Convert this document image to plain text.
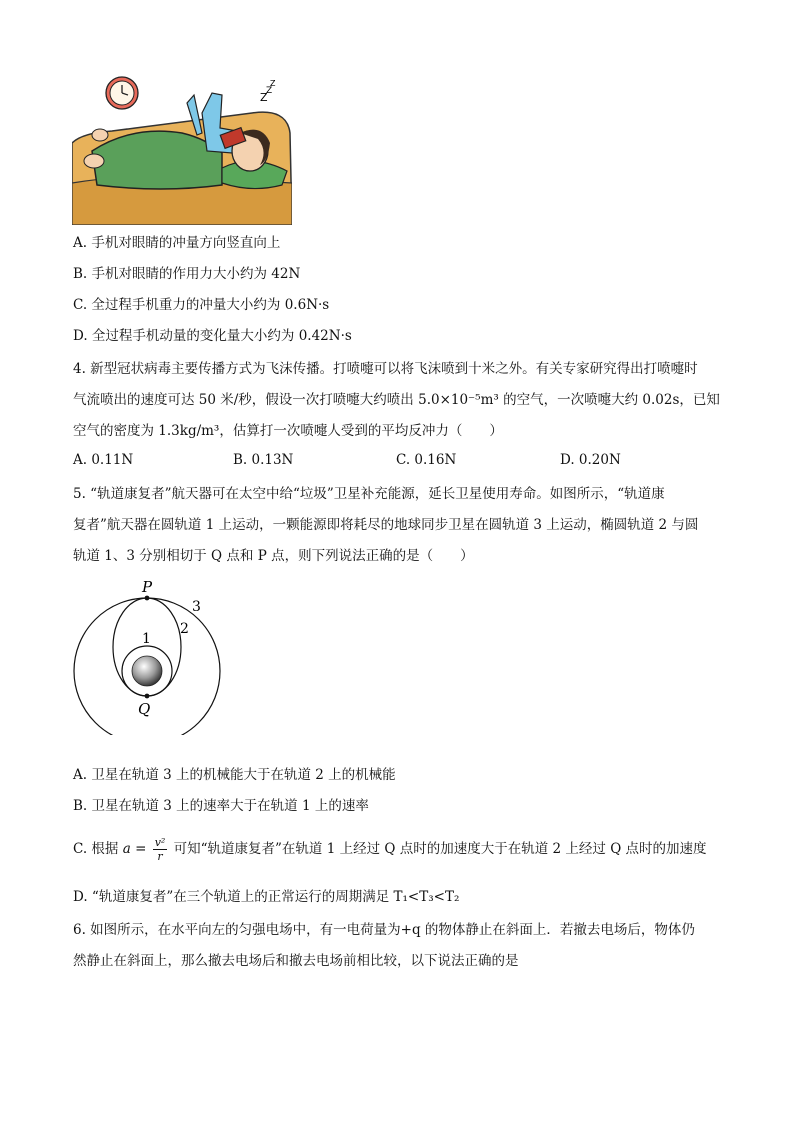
Z
Z
Z
A. 手机对眼睛的冲量方向竖直向上
B. 手机对眼睛的作用力大小约为 42N
C. 全过程手机重力的冲量大小约为 0.6N·s
D. 全过程手机动量的变化量大小约为 0.42N·s
4. 新型冠状病毒主要传播方式为飞沫传播。打喷嚏可以将飞沫喷到十米之外。有关专家研究得出打喷嚏时
气流喷出的速度可达 50 米/秒，假设一次打喷嚏大约喷出 5.0×10⁻⁵m³ 的空气，一次喷嚏大约 0.02s，已知
空气的密度为 1.3kg/m³，估算打一次喷嚏人受到的平均反冲力（　　）
A. 0.11N	B. 0.13N	C. 0.16N	D. 0.20N
5. “轨道康复者”航天器可在太空中给“垃圾”卫星补充能源，延长卫星使用寿命。如图所示，“轨道康
复者”航天器在圆轨道 1 上运动，一颗能源即将耗尽的地球同步卫星在圆轨道 3 上运动，椭圆轨道 2 与圆
轨道 1、3 分别相切于 Q 点和 P 点，则下列说法正确的是（　　）
P
Q
1
2
3
A. 卫星在轨道 3 上的机械能大于在轨道 2 上的机械能
B. 卫星在轨道 3 上的速率大于在轨道 1 上的速率
C. 根据 $a = \frac{\text{v²}}{r}$ 可知“轨道康复者”在轨道 1 上经过 Q 点时的加速度大于在轨道 2 上经过 Q 点时的加速度
D. “轨道康复者”在三个轨道上的正常运行的周期满足 T₁<T₃<T₂
6. 如图所示，在水平向左的匀强电场中，有一电荷量为+q 的物体静止在斜面上．若撤去电场后，物体仍
然静止在斜面上，那么撤去电场后和撤去电场前相比较，以下说法正确的是
